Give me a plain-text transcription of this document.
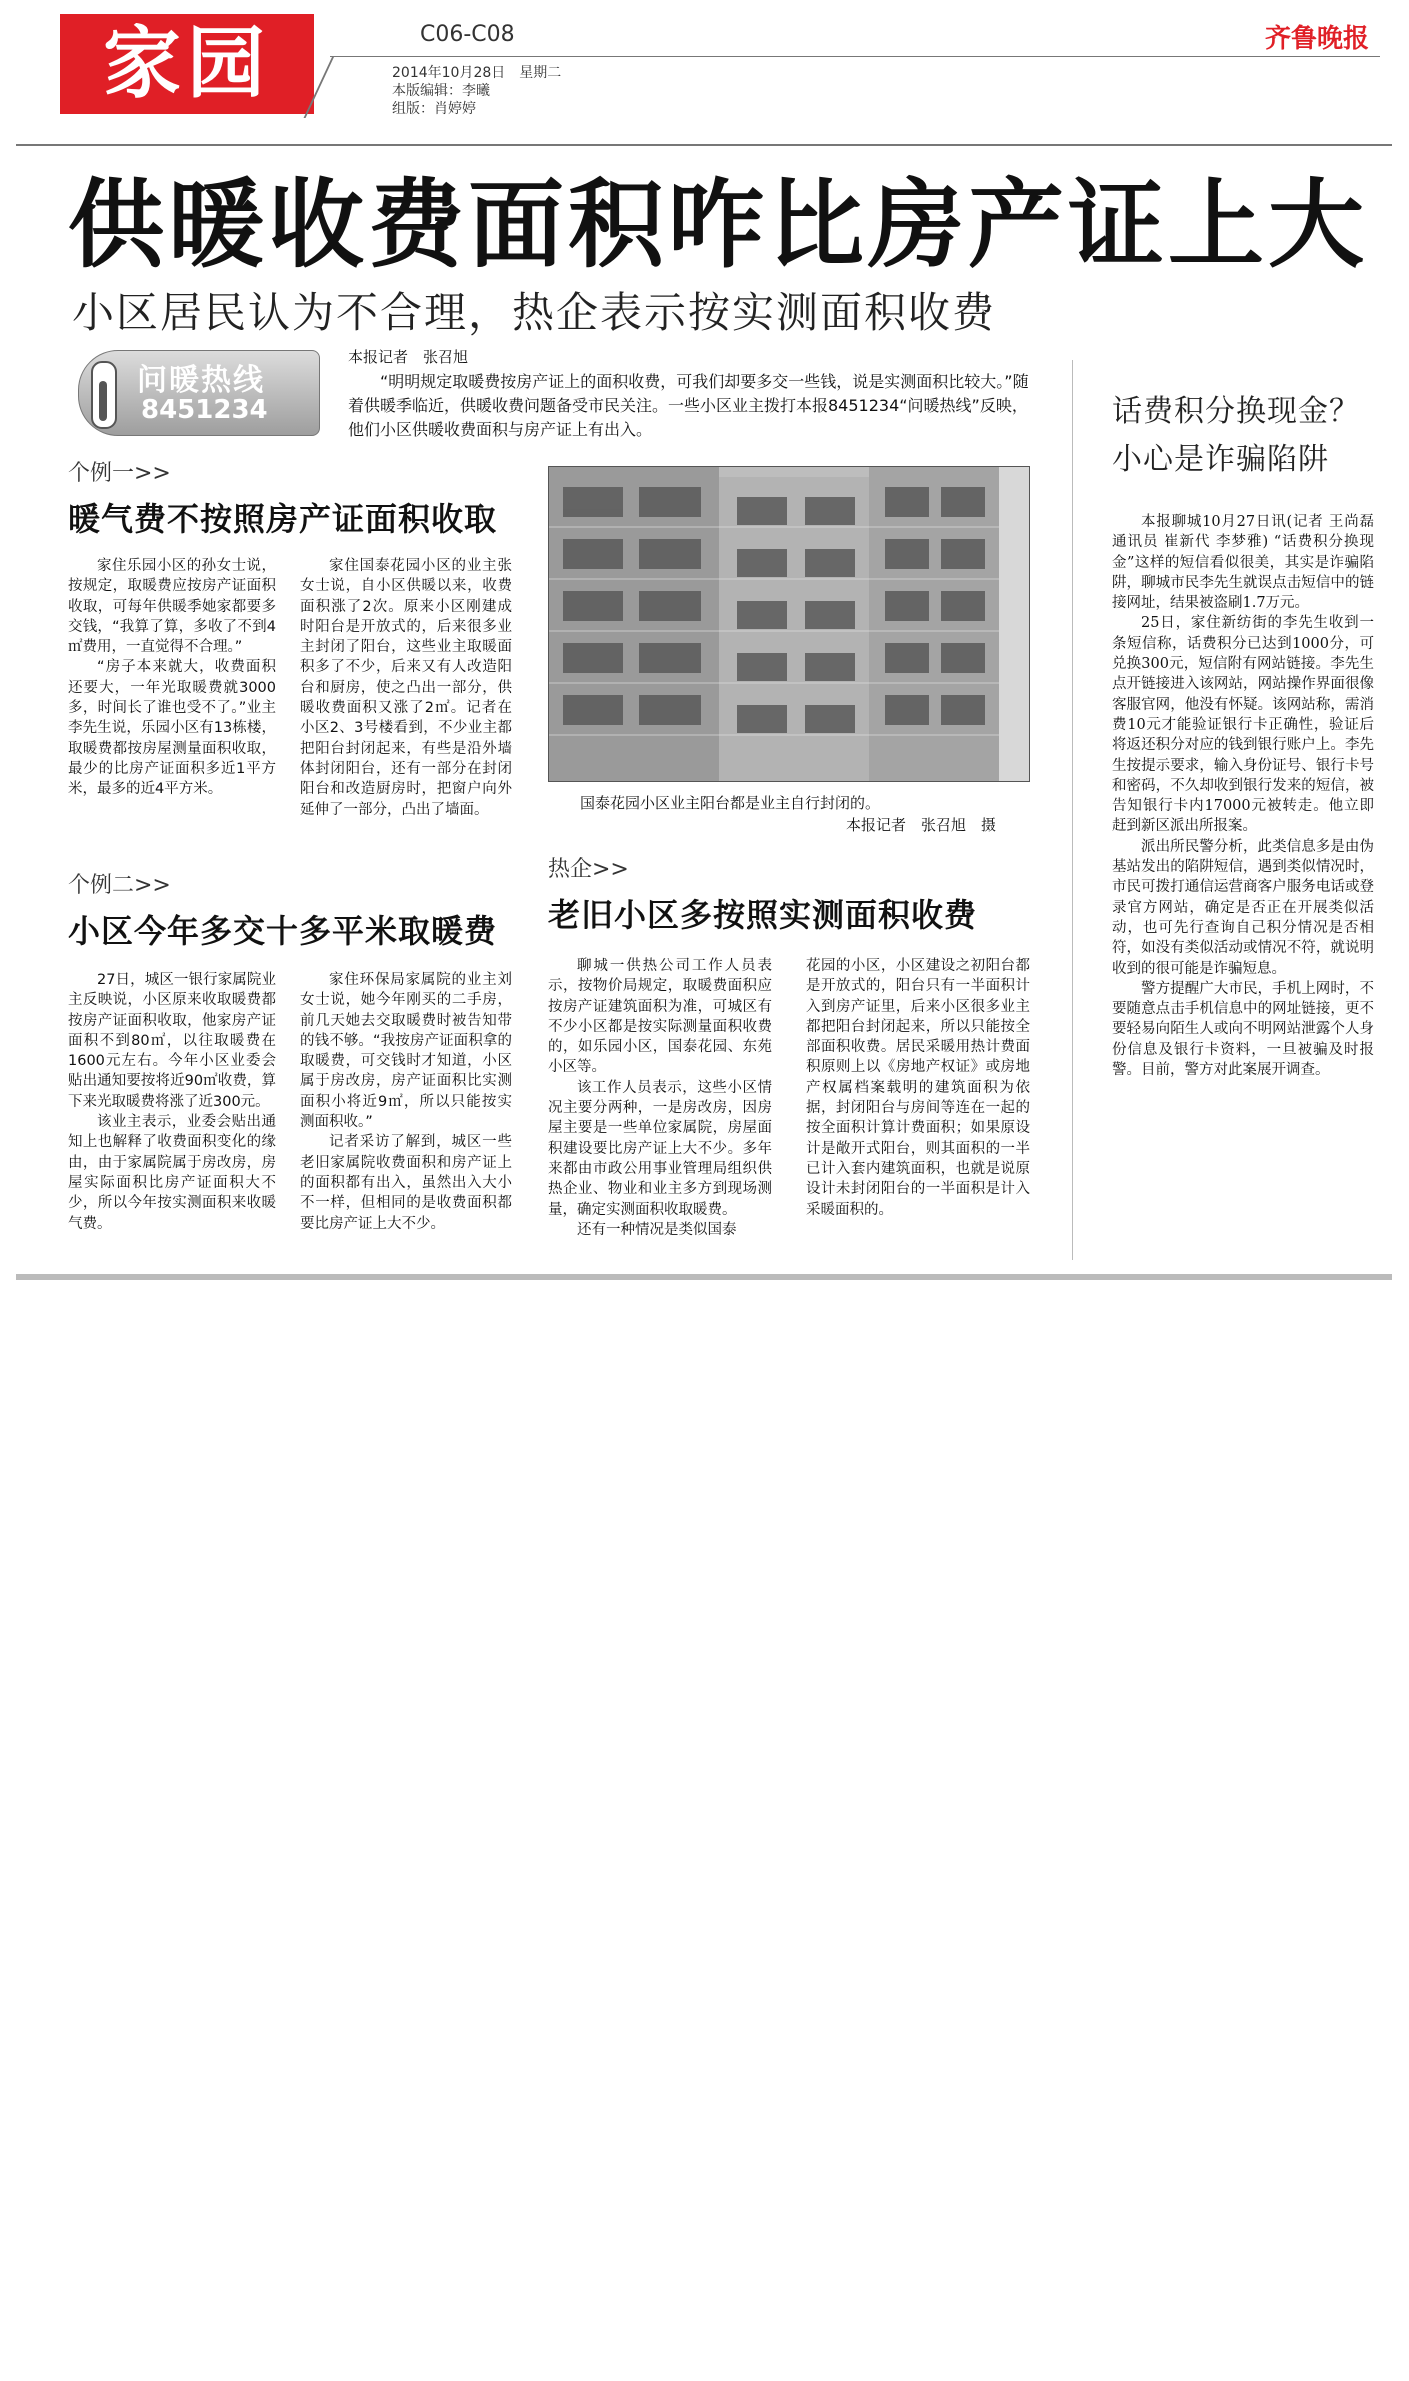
家园	C06-C08
2014年10月28日　星期二
本版编辑：李曦
组版：肖婷婷
齐鲁晚报
供暖收费面积咋比房产证上大
小区居民认为不合理，热企表示按实测面积收费
问暖热线
8451234
本报记者　张召旭
“明明规定取暖费按房产证上的面积收费，可我们却要多交一些钱，说是实测面积比较大。”随着供暖季临近，供暖收费问题备受市民关注。一些小区业主拨打本报8451234“问暖热线”反映，他们小区供暖收费面积与房产证上有出入。
个例一>>
暖气费不按照房产证面积收取

家住乐园小区的孙女士说，按规定，取暖费应按房产证面积收取，可每年供暖季她家都要多交钱，“我算了算，多收了不到4㎡费用，一直觉得不合理。”

“房子本来就大，收费面积还要大，一年光取暖费就3000多，时间长了谁也受不了。”业主李先生说，乐园小区有13栋楼，取暖费都按房屋测量面积收取，最少的比房产证面积多近1平方米，最多的近4平方米。

家住国泰花园小区的业主张女士说，自小区供暖以来，收费面积涨了2次。原来小区刚建成时阳台是开放式的，后来很多业主封闭了阳台，这些业主取暖面积多了不少，后来又有人改造阳台和厨房，使之凸出一部分，供暖收费面积又涨了2㎡。记者在小区2、3号楼看到，不少业主都把阳台封闭起来，有些是沿外墙体封闭阳台，还有一部分在封闭阳台和改造厨房时，把窗户向外延伸了一部分，凸出了墙面。

个例二>>
小区今年多交十多平米取暖费

27日，城区一银行家属院业主反映说，小区原来收取暖费都按房产证面积收取，他家房产证面积不到80㎡，以往取暖费在1600元左右。今年小区业委会贴出通知要按将近90㎡收费，算下来光取暖费将涨了近300元。

该业主表示，业委会贴出通知上也解释了收费面积变化的缘由，由于家属院属于房改房，房屋实际面积比房产证面积大不少，所以今年按实测面积来收暖气费。

家住环保局家属院的业主刘女士说，她今年刚买的二手房，前几天她去交取暖费时被告知带的钱不够。“我按房产证面积拿的取暖费，可交钱时才知道，小区属于房改房，房产证面积比实测面积小将近9㎡，所以只能按实测面积收。”

记者采访了解到，城区一些老旧家属院收费面积和房产证上的面积都有出入，虽然出入大小不一样，但相同的是收费面积都要比房产证上大不少。

国泰花园小区业主阳台都是业主自行封闭的。
本报记者　张召旭　摄
热企>>
老旧小区多按照实测面积收费

聊城一供热公司工作人员表示，按物价局规定，取暖费面积应按房产证建筑面积为准，可城区有不少小区都是按实际测量面积收费的，如乐园小区，国泰花园、东苑小区等。

该工作人员表示，这些小区情况主要分两种，一是房改房，因房屋主要是一些单位家属院，房屋面积建设要比房产证上大不少。多年来都由市政公用事业管理局组织供热企业、物业和业主多方到现场测量，确定实测面积收取暖费。

还有一种情况是类似国泰

花园的小区，小区建设之初阳台都是开放式的，阳台只有一半面积计入到房产证里，后来小区很多业主都把阳台封闭起来，所以只能按全部面积收费。居民采暖用热计费面积原则上以《房地产权证》或房地产权属档案载明的建筑面积为依据，封闭阳台与房间等连在一起的按全面积计算计费面积；如果原设计是敞开式阳台，则其面积的一半已计入套内建筑面积，也就是说原设计未封闭阳台的一半面积是计入采暖面积的。

话费积分换现金？
小心是诈骗陷阱

本报聊城10月27日讯(记者 王尚磊 通讯员 崔新代 李梦雅) “话费积分换现金”这样的短信看似很美，其实是诈骗陷阱，聊城市民李先生就误点击短信中的链接网址，结果被盗刷1.7万元。

25日，家住新纺街的李先生收到一条短信称，话费积分已达到1000分，可兑换300元，短信附有网站链接。李先生点开链接进入该网站，网站操作界面很像客服官网，他没有怀疑。该网站称，需消费10元才能验证银行卡正确性，验证后将返还积分对应的钱到银行账户上。李先生按提示要求，输入身份证号、银行卡号和密码，不久却收到银行发来的短信，被告知银行卡内17000元被转走。他立即赶到新区派出所报案。

派出所民警分析，此类信息多是由伪基站发出的陷阱短信，遇到类似情况时，市民可拨打通信运营商客户服务电话或登录官方网站，确定是否正在开展类似活动，也可先行查询自己积分情况是否相符，如没有类似活动或情况不符，就说明收到的很可能是诈骗短息。

警方提醒广大市民，手机上网时，不要随意点击手机信息中的网址链接，更不要轻易向陌生人或向不明网站泄露个人身份信息及银行卡资料，一旦被骗及时报警。目前，警方对此案展开调查。
